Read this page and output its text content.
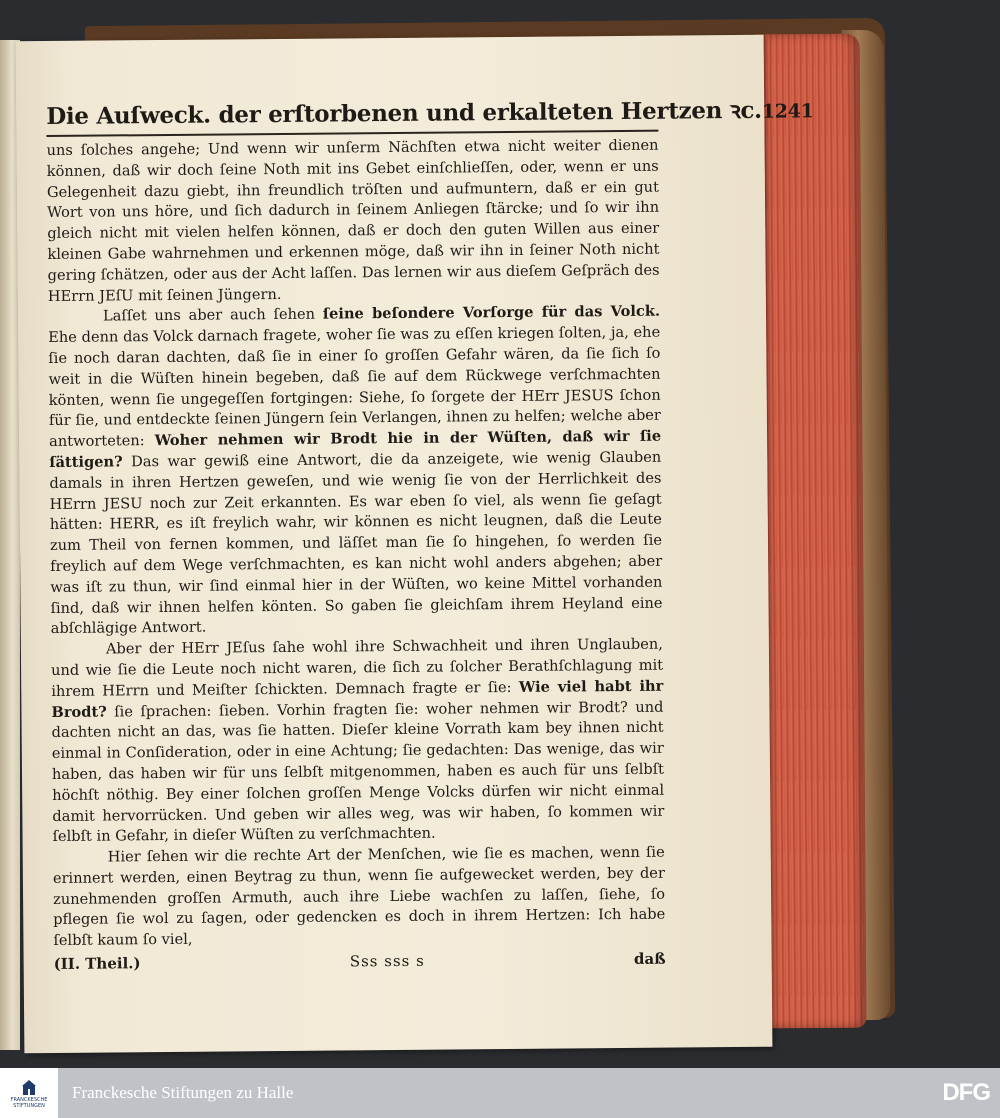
Die Auſweck. der erſtorbenen und erkalteten Hertzen ꝛc. 1241

uns ſolches angehe; Und wenn wir unſerm Nächſten etwa nicht weiter dienen können, daß wir doch ſeine Noth mit ins Gebet einſchlieſſen, oder, wenn er uns Gelegenheit dazu giebt, ihn freundlich tröſten und aufmuntern, daß er ein gut Wort von uns höre, und ſich dadurch in ſeinem Anliegen ſtärcke; und ſo wir ihn gleich nicht mit vielen helfen können, daß er doch den guten Willen aus einer kleinen Gabe wahrnehmen und erkennen möge, daß wir ihn in ſeiner Noth nicht gering ſchätzen, oder aus der Acht laſſen. Das lernen wir aus dieſem Geſpräch des HErrn JEſU mit ſeinen Jüngern.

Laſſet uns aber auch ſehen ſeine beſondere Vorſorge für das Volck. Ehe denn das Volck darnach fragete, woher ſie was zu eſſen kriegen ſolten, ja, ehe ſie noch daran dachten, daß ſie in einer ſo groſſen Gefahr wären, da ſie ſich ſo weit in die Wüſten hinein begeben, daß ſie auf dem Rückwege verſchmachten könten, wenn ſie ungegeſſen fortgingen: Siehe, ſo ſorgete der HErr JESUS ſchon für ſie, und entdeckte ſeinen Jüngern ſein Verlangen, ihnen zu helfen; welche aber antworteten: Woher nehmen wir Brodt hie in der Wüſten, daß wir ſie ſättigen? Das war gewiß eine Antwort, die da anzeigete, wie wenig Glauben damals in ihren Hertzen geweſen, und wie wenig ſie von der Herrlichkeit des HErrn JESU noch zur Zeit erkannten. Es war eben ſo viel, als wenn ſie geſagt hätten: HERR, es iſt freylich wahr, wir können es nicht leugnen, daß die Leute zum Theil von fernen kommen, und läſſet man ſie ſo hingehen, ſo werden ſie freylich auf dem Wege verſchmachten, es kan nicht wohl anders abgehen; aber was iſt zu thun, wir ſind einmal hier in der Wüſten, wo keine Mittel vorhanden ſind, daß wir ihnen helfen könten. So gaben ſie gleichſam ihrem Heyland eine abſchlägige Antwort.

Aber der HErr JEſus ſahe wohl ihre Schwachheit und ihren Unglauben, und wie ſie die Leute noch nicht waren, die ſich zu ſolcher Berathſchlagung mit ihrem HErrn und Meiſter ſchickten. Demnach fragte er ſie: Wie viel habt ihr Brodt? ſie ſprachen: ſieben. Vorhin fragten ſie: woher nehmen wir Brodt? und dachten nicht an das, was ſie hatten. Dieſer kleine Vorrath kam bey ihnen nicht einmal in Conſideration, oder in eine Achtung; ſie gedachten: Das wenige, das wir haben, das haben wir für uns ſelbſt mitgenommen, haben es auch für uns ſelbſt höchſt nöthig. Bey einer ſolchen groſſen Menge Volcks dürfen wir nicht einmal damit hervorrücken. Und geben wir alles weg, was wir haben, ſo kommen wir ſelbſt in Gefahr, in dieſer Wüſten zu verſchmachten.

Hier ſehen wir die rechte Art der Menſchen, wie ſie es machen, wenn ſie erinnert werden, einen Beytrag zu thun, wenn ſie aufgewecket werden, bey der zunehmenden groſſen Armuth, auch ihre Liebe wachſen zu laſſen, ſiehe, ſo pflegen ſie wol zu ſagen, oder gedencken es doch in ihrem Hertzen: Ich habe ſelbſt kaum ſo viel,

(II. Theil.)	Sss sss s	daß
FRANCKESCHE STIFTUNGEN
Franckesche Stiftungen zu Halle	DFG
